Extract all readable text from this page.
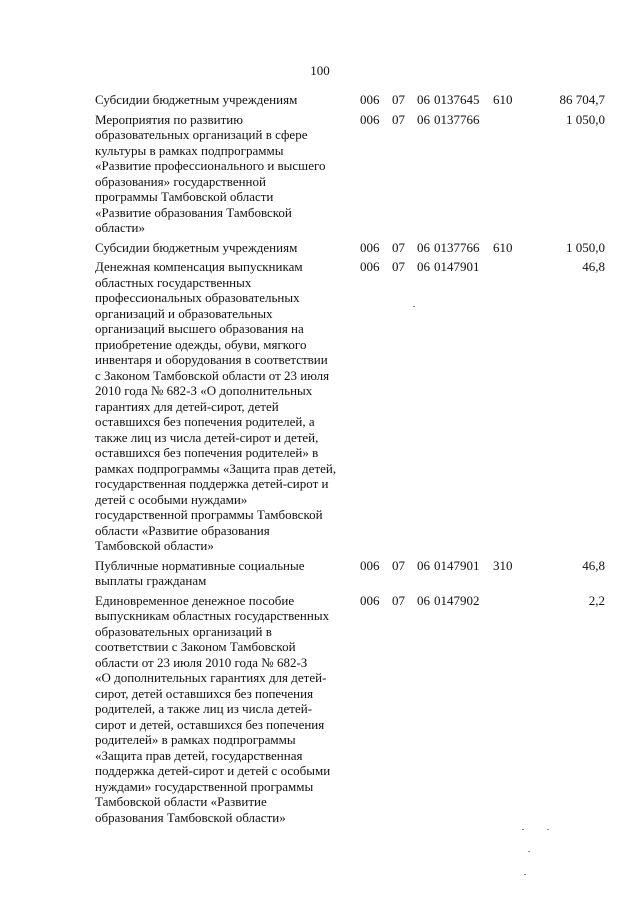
100
Субсидии бюджетным учреждениям	006 07 06 0137645 610	86 704,7
Мероприятия по развитию
образовательных организаций в сфере
культуры в рамках подпрограммы
«Развитие профессионального и высшего
образования» государственной
программы Тамбовской области
«Развитие образования Тамбовской
области»
006 07 06 0137766	1 050,0
Субсидии бюджетным учреждениям	006 07 06 0137766 610	1 050,0
Денежная компенсация выпускникам
областных государственных
профессиональных образовательных
организаций и образовательных
организаций высшего образования на
приобретение одежды, обуви, мягкого
инвентаря и оборудования в соответствии
с Законом Тамбовской области от 23 июля
2010 года № 682-З «О дополнительных
гарантиях для детей-сирот, детей
оставшихся без попечения родителей, а
также лиц из числа детей-сирот и детей,
оставшихся без попечения родителей» в
рамках подпрограммы «Защита прав детей,
государственная поддержка детей-сирот и
детей с особыми нуждами»
государственной программы Тамбовской
области «Развитие образования
Тамбовской области»
006 07 06 0147901	46,8
Публичные нормативные социальные
выплаты гражданам
006 07 06 0147901 310	46,8
Единовременное денежное пособие
выпускникам областных государственных
образовательных организаций в
соответствии с Законом Тамбовской
области от 23 июля 2010 года № 682-З
«О дополнительных гарантиях для детей-
сирот, детей оставшихся без попечения
родителей, а также лиц из числа детей-
сирот и детей, оставшихся без попечения
родителей» в рамках подпрограммы
«Защита прав детей, государственная
поддержка детей-сирот и детей с особыми
нуждами» государственной программы
Тамбовской области «Развитие
образования Тамбовской области»
006 07 06 0147902	2,2
